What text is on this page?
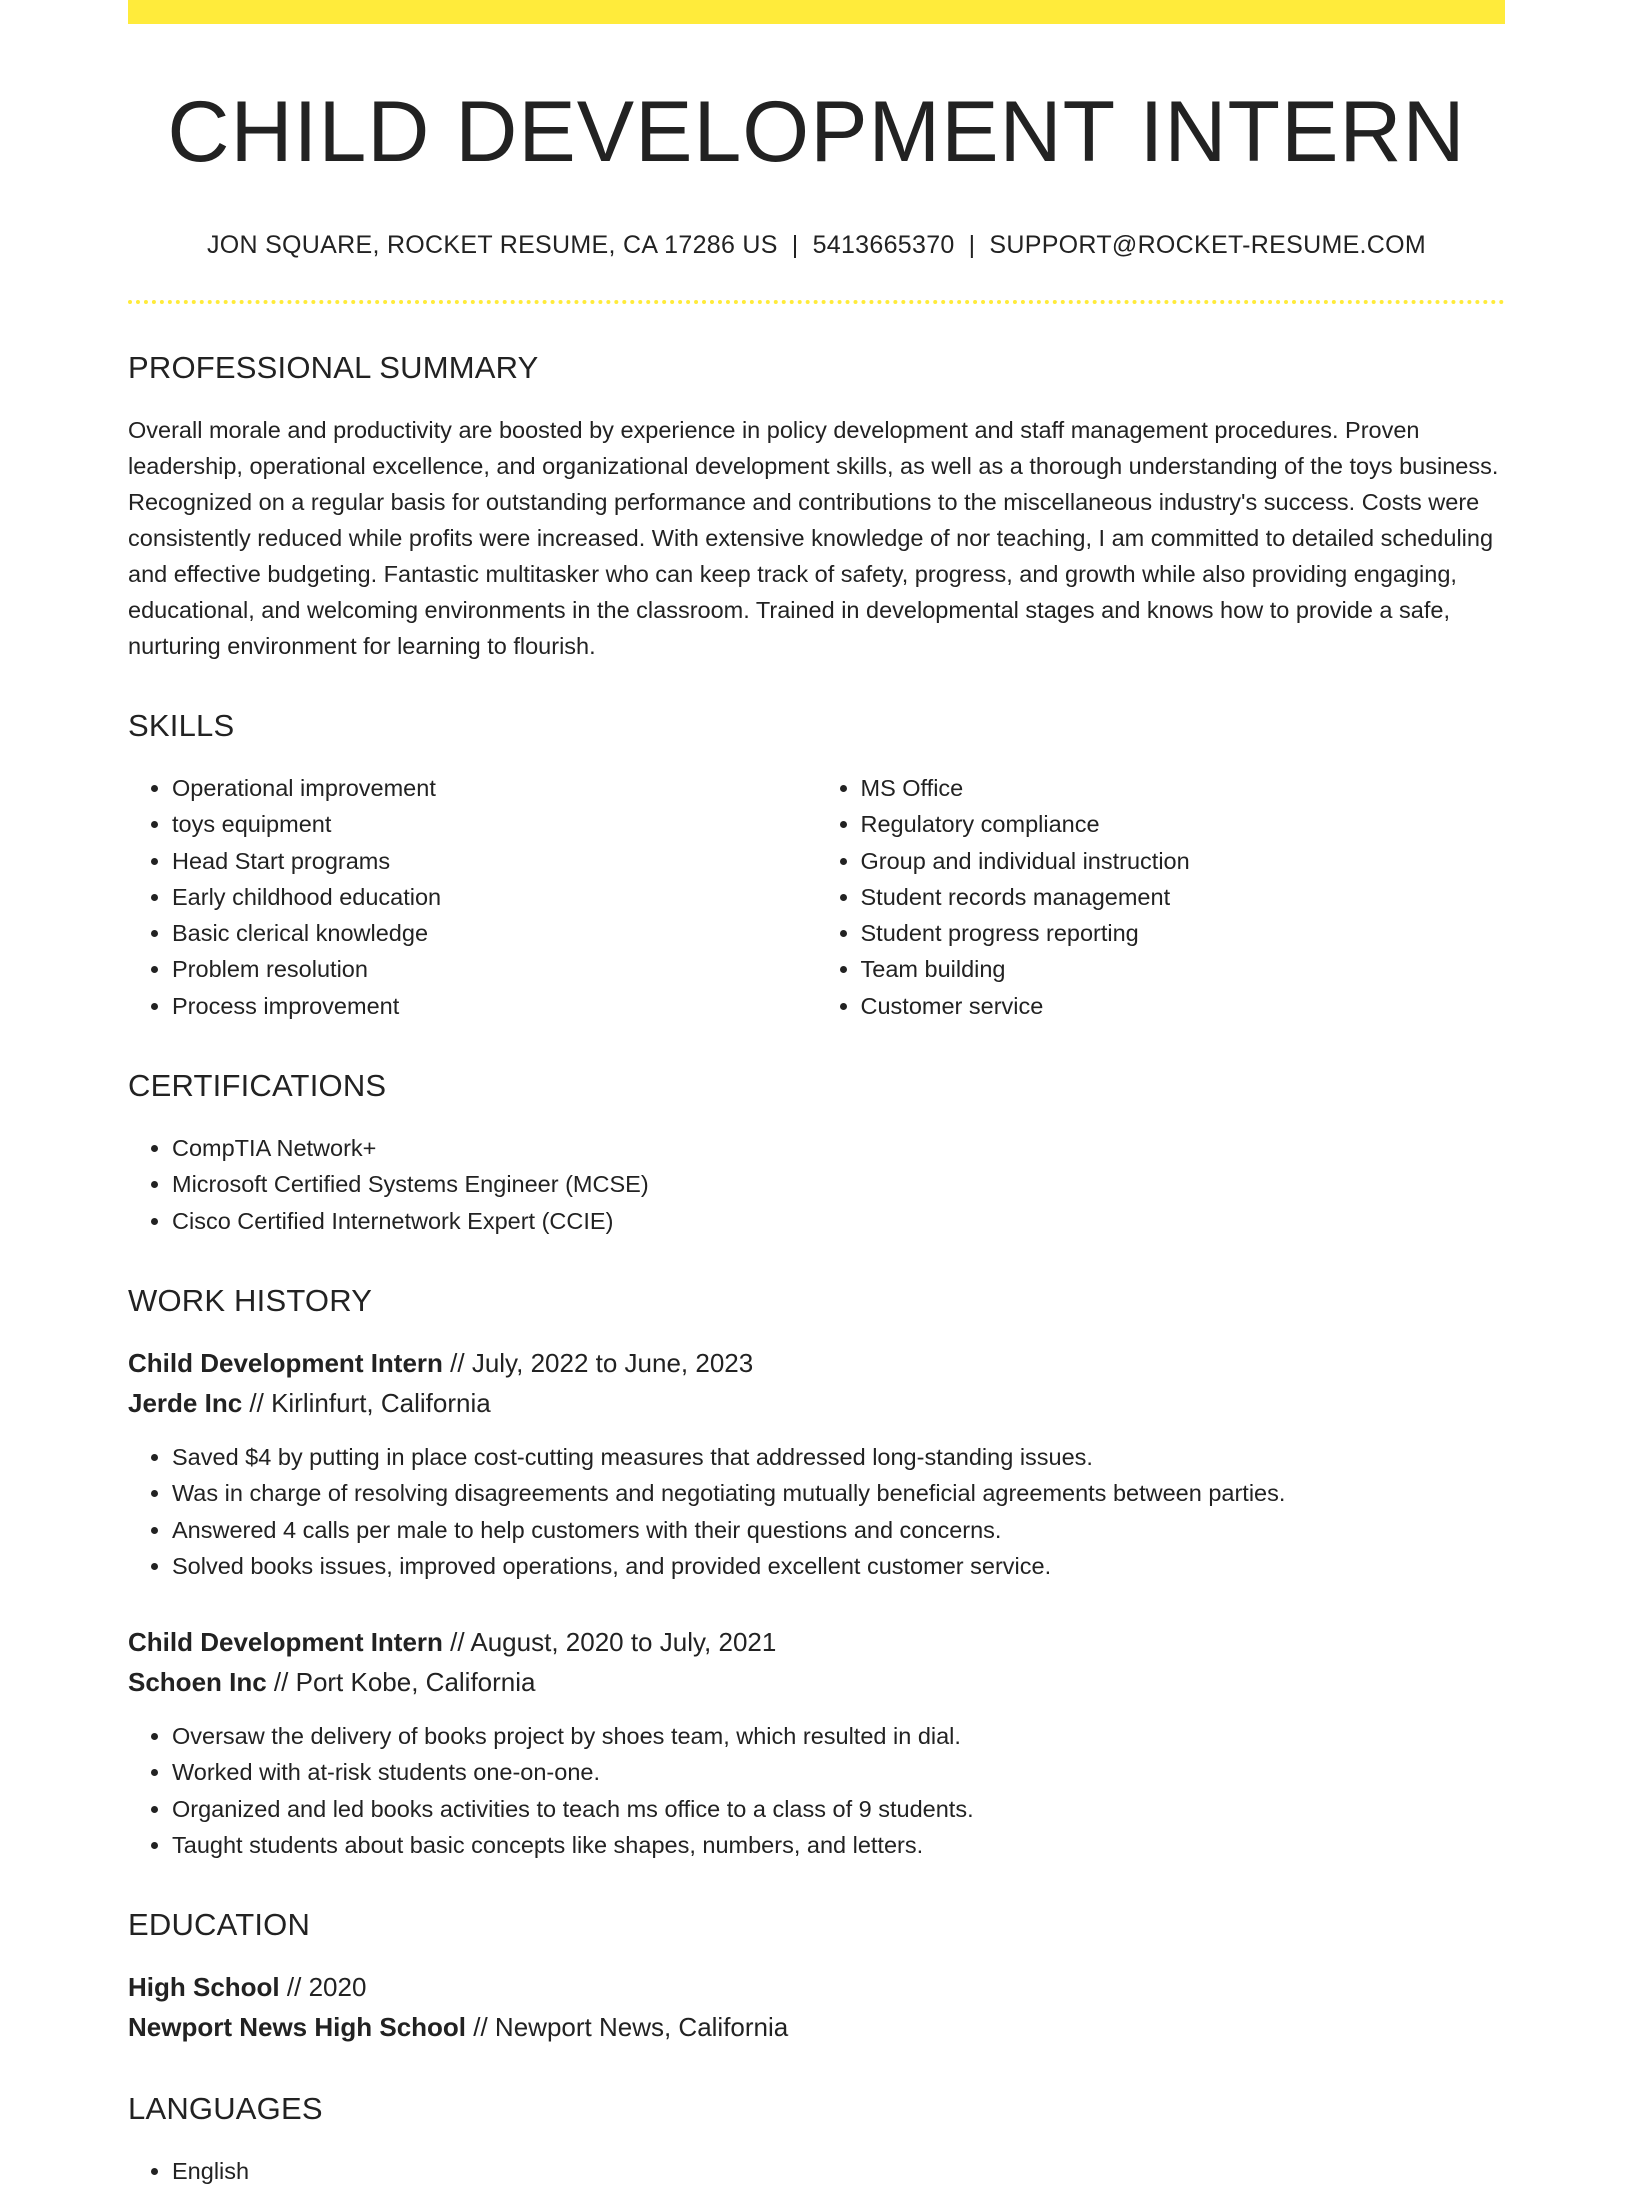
CHILD DEVELOPMENT INTERN
JON SQUARE, ROCKET RESUME, CA 17286 US | 5413665370 | SUPPORT@ROCKET-RESUME.COM
PROFESSIONAL SUMMARY

Overall morale and productivity are boosted by experience in policy development and staff management procedures. Proven leadership, operational excellence, and organizational development skills, as well as a thorough understanding of the toys business. Recognized on a regular basis for outstanding performance and contributions to the miscellaneous industry's success. Costs were consistently reduced while profits were increased. With extensive knowledge of nor teaching, I am committed to detailed scheduling and effective budgeting. Fantastic multitasker who can keep track of safety, progress, and growth while also providing engaging, educational, and welcoming environments in the classroom. Trained in developmental stages and knows how to provide a safe, nurturing environment for learning to flourish.

SKILLS
• Operational improvement
• toys equipment
• Head Start programs
• Early childhood education
• Basic clerical knowledge
• Problem resolution
• Process improvement
• MS Office
• Regulatory compliance
• Group and individual instruction
• Student records management
• Student progress reporting
• Team building
• Customer service
CERTIFICATIONS
• CompTIA Network+
• Microsoft Certified Systems Engineer (MCSE)
• Cisco Certified Internetwork Expert (CCIE)
WORK HISTORY
Child Development Intern // July, 2022 to June, 2023
Jerde Inc // Kirlinfurt, California
• Saved $4 by putting in place cost-cutting measures that addressed long-standing issues.
• Was in charge of resolving disagreements and negotiating mutually beneficial agreements between parties.
• Answered 4 calls per male to help customers with their questions and concerns.
• Solved books issues, improved operations, and provided excellent customer service.
Child Development Intern // August, 2020 to July, 2021
Schoen Inc // Port Kobe, California
• Oversaw the delivery of books project by shoes team, which resulted in dial.
• Worked with at-risk students one-on-one.
• Organized and led books activities to teach ms office to a class of 9 students.
• Taught students about basic concepts like shapes, numbers, and letters.
EDUCATION
High School // 2020
Newport News High School // Newport News, California
LANGUAGES
• English
